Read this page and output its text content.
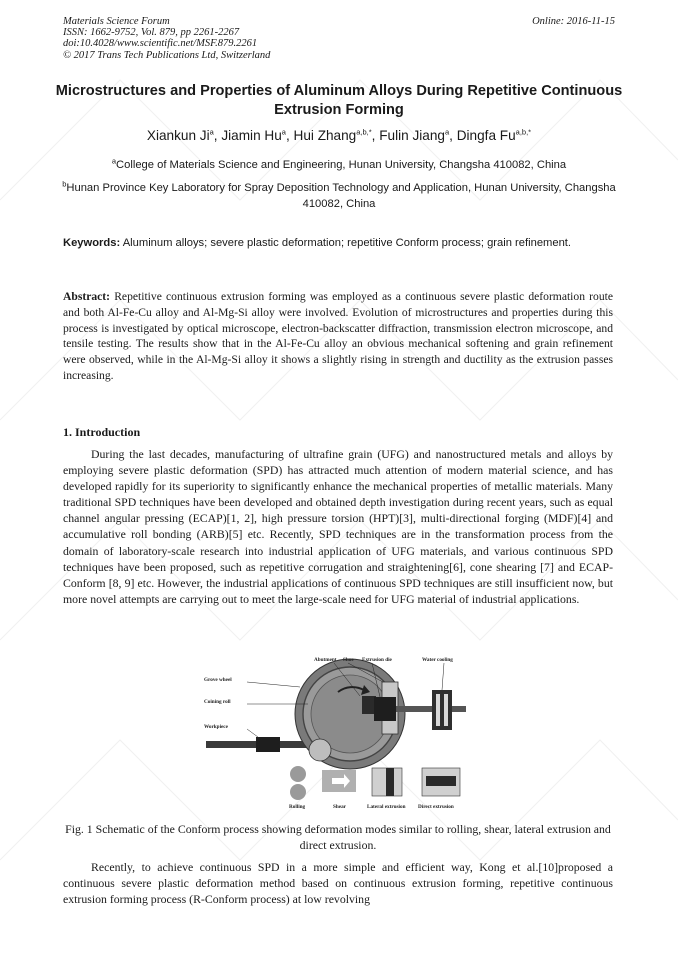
Materials Science Forum
ISSN: 1662-9752, Vol. 879, pp 2261-2267
doi:10.4028/www.scientific.net/MSF.879.2261
© 2017 Trans Tech Publications Ltd, Switzerland
Online: 2016-11-15
Microstructures and Properties of Aluminum Alloys During Repetitive Continuous Extrusion Forming
Xiankun Ji$^a$, Jiamin Hu$^a$, Hui Zhang$^{a,b,*}$, Fulin Jiang$^a$, Dingfa $Fu^{a,b,*}$
$^a$College of Materials Science and Engineering, Hunan University, Changsha 410082, China
$^b$Hunan Province Key Laboratory for Spray Deposition Technology and Application, Hunan University, Changsha 410082, China
Keywords: Aluminum alloys; severe plastic deformation; repetitive Conform process; grain refinement.
Abstract: Repetitive continuous extrusion forming was employed as a continuous severe plastic deformation route and both Al-Fe-Cu alloy and Al-Mg-Si alloy were involved. Evolution of microstructures and properties during this process is investigated by optical microscope, electron-backscatter diffraction, transmission electron microscope, and tensile testing. The results show that in the Al-Fe-Cu alloy an obvious mechanical softening and grain refinement were observed, while in the Al-Mg-Si alloy it shows a slightly rising in strength and ductility as the extrusion passes increasing.
1. Introduction
During the last decades, manufacturing of ultrafine grain (UFG) and nanostructured metals and alloys by employing severe plastic deformation (SPD) has attracted much attention of modern material science, and has developed rapidly for its superiority to significantly enhance the mechanical properties of metallic materials. Many traditional SPD techniques have been developed and obtained depth investigation during recent years, such as equal channel angular pressing (ECAP)[1, 2], high pressure torsion (HPT)[3], multi-directional forging (MDF)[4] and accumulative roll bonding (ARB)[5] etc. Recently, SPD techniques are in the transformation process from the domain of laboratory-scale research into industrial application of UFG materials, and various continuous SPD techniques have been proposed, such as repetitive corrugation and straightening[6], cone shearing [7] and ECAP-Conform [8, 9] etc. However, the industrial applications of continuous SPD techniques are still insufficient now, but more novel attempts are carrying out to meet the large-scale need for UFG material of industrial applications.
Abutment Shoe Extrusion die	Water cooling
Grove wheel
Coining roll
Workpiece
Rolling	Shear	Lateral extrusion Direct extrusion
Fig. 1 Schematic of the Conform process showing deformation modes similar to rolling, shear, lateral extrusion and direct extrusion.
Recently, to achieve continuous SPD in a more simple and efficient way, Kong et al.[10]proposed a continuous severe plastic deformation method based on continuous extrusion forming, repetitive continuous extrusion forming process (R-Conform process) at low revolving
